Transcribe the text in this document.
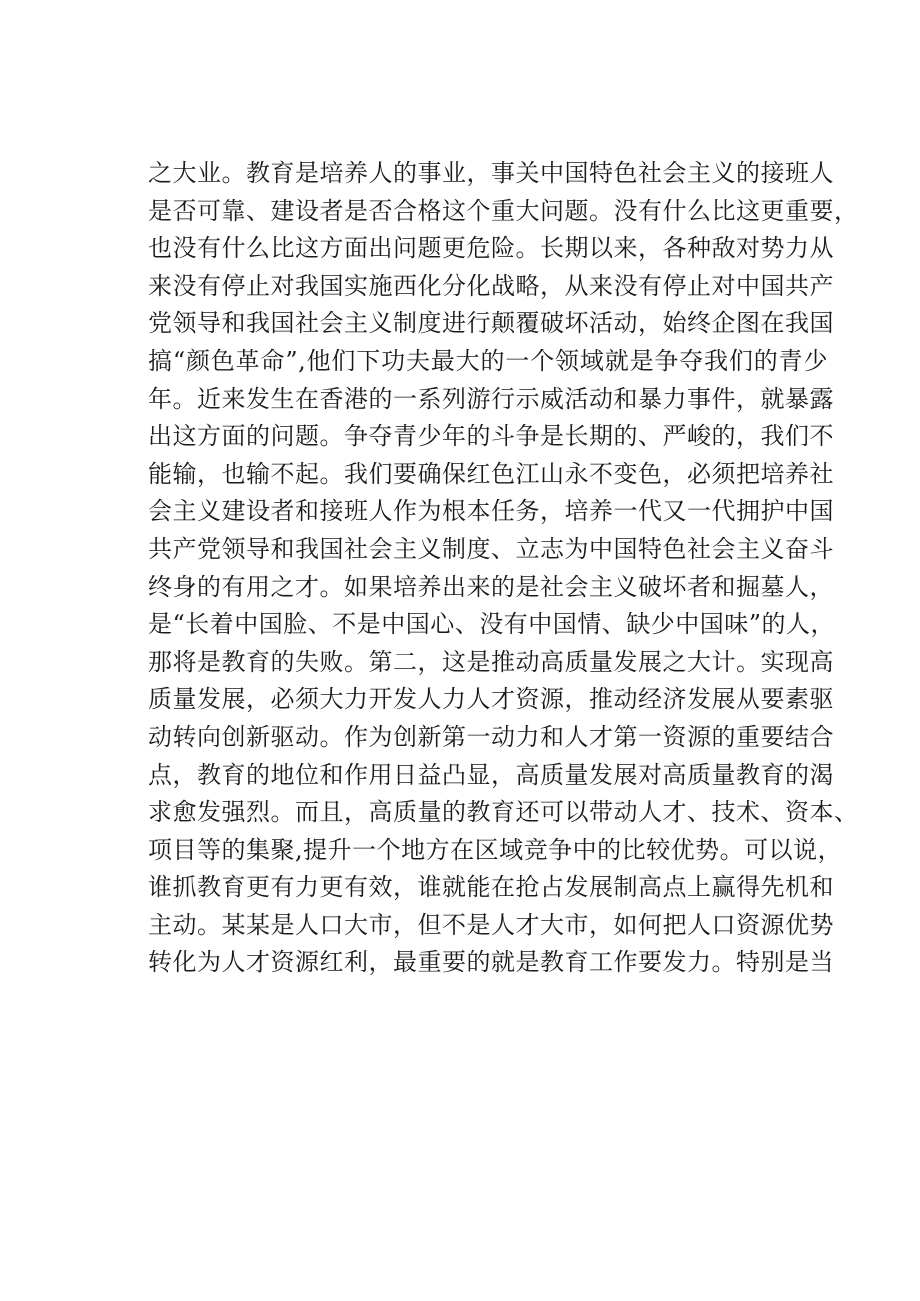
之大业。教育是培养人的事业，事关中国特色社会主义的接班人
是否可靠、建设者是否合格这个重大问题。没有什么比这更重要，
也没有什么比这方面出问题更危险。长期以来，各种敌对势力从
来没有停止对我国实施西化分化战略，从来没有停止对中国共产
党领导和我国社会主义制度进行颠覆破坏活动，始终企图在我国
搞“颜色革命”,他们下功夫最大的一个领域就是争夺我们的青少
年。近来发生在香港的一系列游行示威活动和暴力事件，就暴露
出这方面的问题。争夺青少年的斗争是长期的、严峻的，我们不
能输，也输不起。我们要确保红色江山永不变色，必须把培养社
会主义建设者和接班人作为根本任务，培养一代又一代拥护中国
共产党领导和我国社会主义制度、立志为中国特色社会主义奋斗
终身的有用之才。如果培养出来的是社会主义破坏者和掘墓人，
是“长着中国脸、不是中国心、没有中国情、缺少中国味”的人，
那将是教育的失败。第二，这是推动高质量发展之大计。实现高
质量发展，必须大力开发人力人才资源，推动经济发展从要素驱
动转向创新驱动。作为创新第一动力和人才第一资源的重要结合
点，教育的地位和作用日益凸显，高质量发展对高质量教育的渴
求愈发强烈。而且，高质量的教育还可以带动人才、技术、资本、
项目等的集聚,提升一个地方在区域竞争中的比较优势。可以说，
谁抓教育更有力更有效，谁就能在抢占发展制高点上赢得先机和
主动。某某是人口大市，但不是人才大市，如何把人口资源优势
转化为人才资源红利，最重要的就是教育工作要发力。特别是当
